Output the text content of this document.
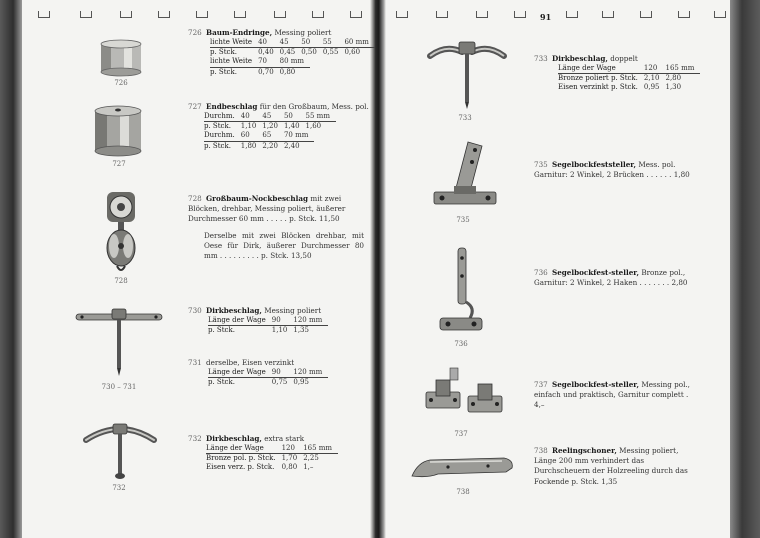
726
727
728
730 – 731
732
726 Baum-Endringe, Messing poliert
lichte Weite	40	45	50	55	60 mm
p. Stck.	0,40	0,45	0,50	0,55	0,60
lichte Weite	70	80 mm
p. Stck.	0,70	0,80
727 Endbeschlag für den Großbaum, Mess. pol.
Durchm.	40	45	50	55 mm
p. Stck.	1,10	1,20	1,40	1,60
Durchm.	60	65	70 mm
p. Stck.	1,80	2,20	2,40
728 Großbaum-Nockbeschlag mit zwei Blöcken, drehbar, Messing poliert, äußerer Durchmesser 60 mm . . . . . p. Stck. 11,50
Derselbe mit zwei Blöcken drehbar, mit Oese für Dirk, äußerer Durchmesser 80 mm . . . . . . . . . p. Stck. 13,50
730 Dirkbeschlag, Messing poliert
Länge der Wage	90	120 mm
p. Stck.	1,10	1,35
731 derselbe, Eisen verzinkt
Länge der Wage	90	120 mm
p. Stck.	0,75	0,95
732 Dirkbeschlag, extra stark
Länge der Wage	120	165 mm
Bronze pol. p. Stck.	1,70	2,25
Eisen verz. p. Stck.	0,80	1,–
91
733
735
736
737
738
733 Dirkbeschlag, doppelt
Länge der Wage	120	165 mm
Bronze poliert p. Stck.	2,10	2,80
Eisen verzinkt p. Stck.	0,95	1,30
735 Segelbockfeststeller, Mess. pol. Garnitur: 2 Winkel, 2 Brücken . . . . . . 1,80
736 Segelbockfest-steller, Bronze pol., Garnitur: 2 Winkel, 2 Haken . . . . . . . 2,80
737 Segelbockfest-steller, Messing pol., einfach und praktisch, Garnitur complett . 4,–
738 Reelingschoner, Messing poliert, Länge 200 mm verhindert das Durchscheuern der Holzreeling durch das Fockende p. Stck. 1,35
